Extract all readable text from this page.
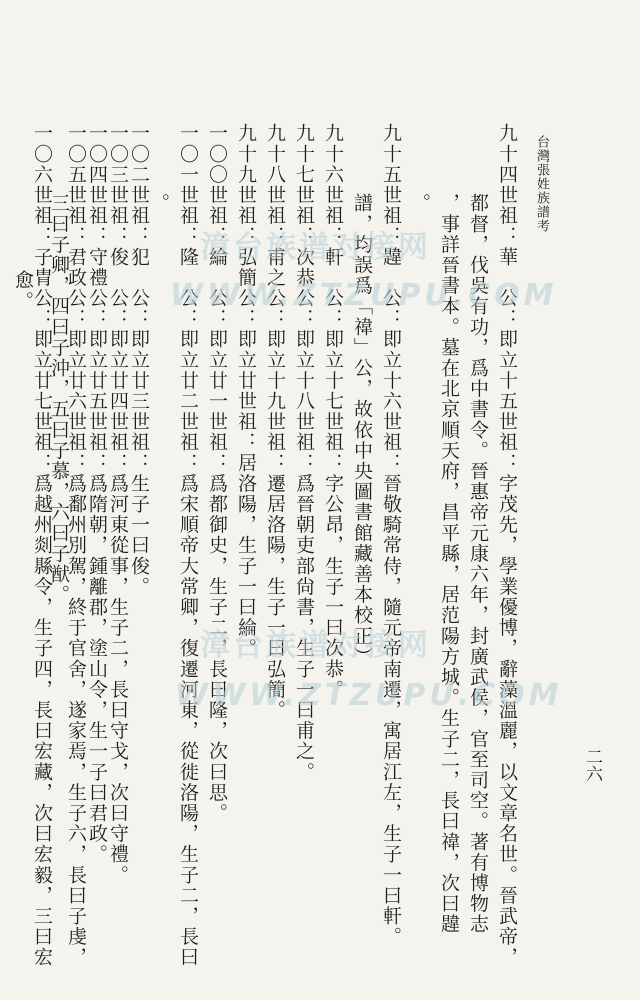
台灣張姓族譜考
二六
九十四世祖：華　公：即立十五世祖：字茂先，學業優博，辭藻溫麗，以文章名世。晉武帝，
都督，伐吳有功，爲中書令。晉惠帝元康六年，封廣武侯，官至司空。著有博物志
，事詳晉書本。墓在北京順天府，昌平縣，居范陽方城。生子二，長曰禕，次曰韙
。
九十五世祖：韙　公：即立十六世祖：晉敬騎常侍，隨元帝南遷，寓居江左，生子一曰軒。
譜，均誤爲「禕」公，故依中央圖書館藏善本校正）
九十六世祖：軒　公：即立十七世祖：字公昂，生子一曰次恭。
九十七世祖：次恭公：即立十八世祖：爲晉朝吏部尙書，生子一曰甫之。
九十八世祖：甫之公：即立十九世祖：遷居洛陽，生子一曰弘簡。
九十九世祖：弘簡公：即立廿世祖：居洛陽，生子一曰綸。
一〇〇世祖：綸　公：即立廿一世祖：爲都御史，生子二，長曰隆，次曰思。
一〇一世祖：隆　公：即立廿二世祖：爲宋順帝大常卿，復遷河東，從徙洛陽，生子二，長曰
。
一〇二世祖：犯　公：即立廿三世祖：生子一曰俊。
一〇三世祖：俊　公：即立廿四世祖：爲河東從事，生子二，長曰守戈，次曰守禮。
一〇四世祖：守禮公：即立廿五世祖：爲隋朝，鍾離郡，塗山令，生一子曰君政。
一〇五世祖：君政公：即立廿六世祖：爲鄱州別駕，終于官舍，遂家焉，生子六，長曰子虔，
三曰子卿，四曰子沖，五曰子慕，六曰子猷。
一〇六世祖：子胄公：即立廿七世祖：爲越州剡縣令，生子四，長曰宏藏，次曰宏毅，三曰宏
愈。
漳台族谱对接网
WWW.ZTZUPU.COM
漳台族谱对接网
WWW.ZTZUPU.COM
